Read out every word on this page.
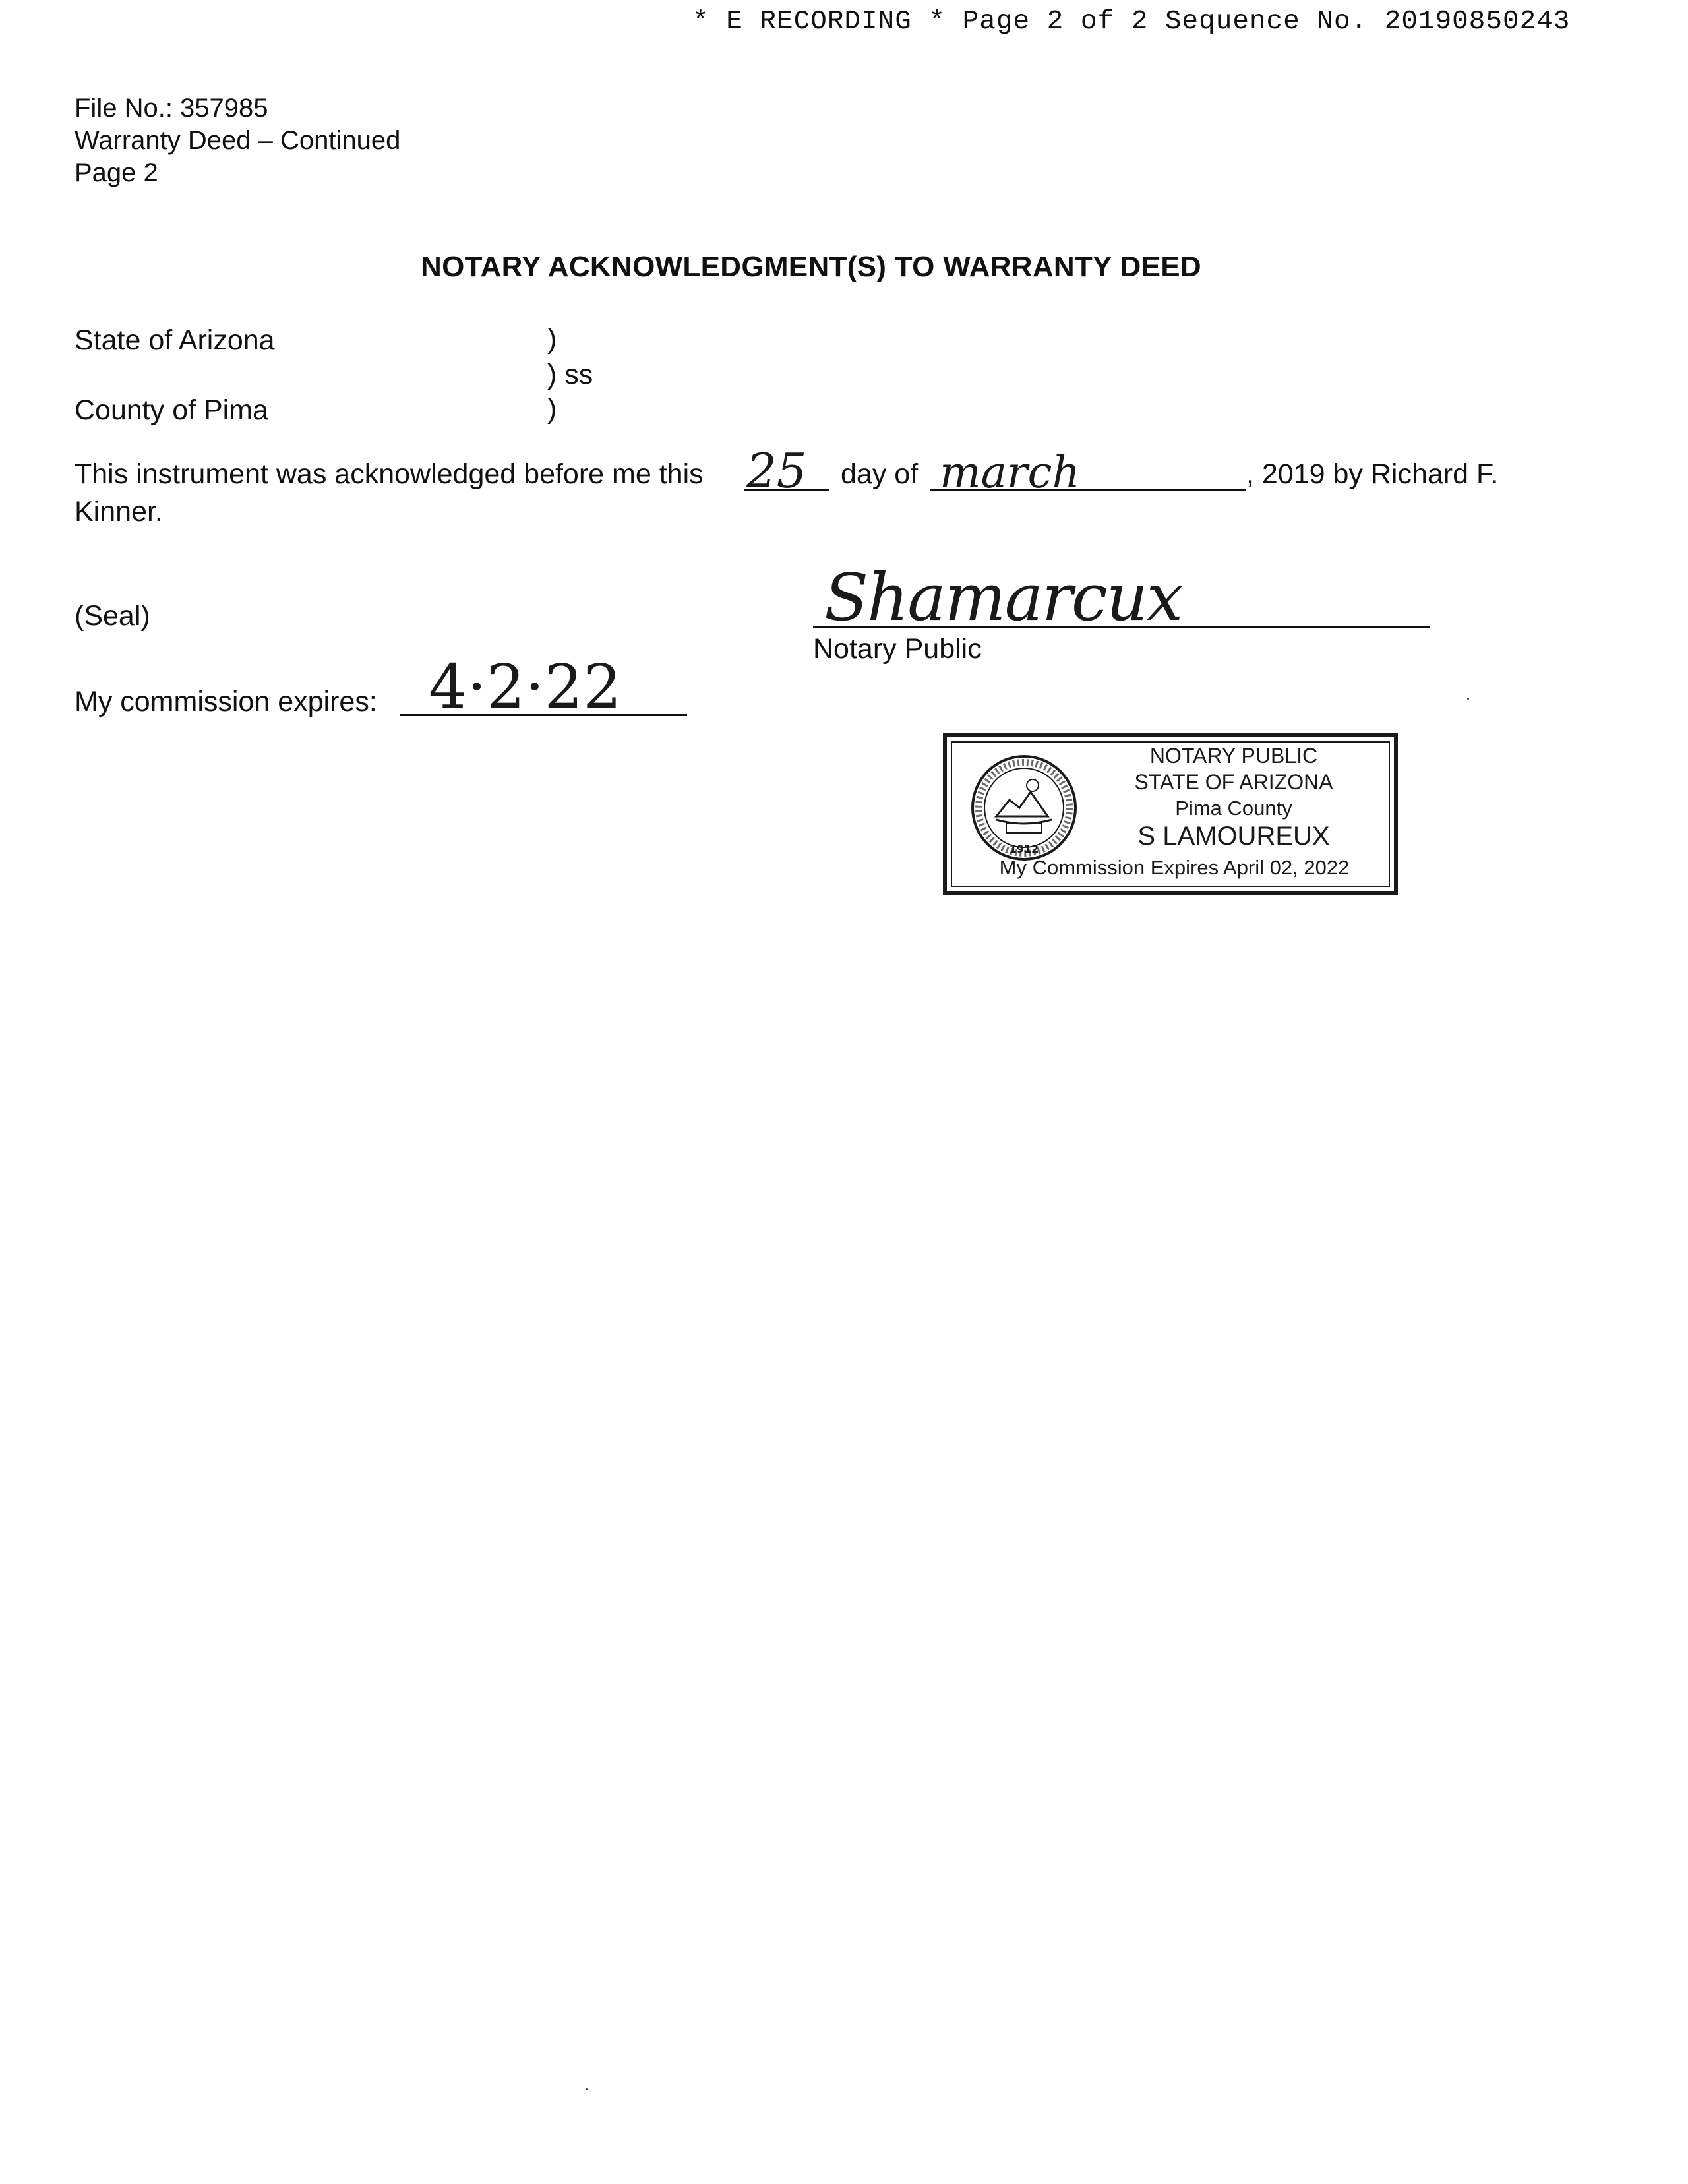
* E RECORDING * Page 2 of 2 Sequence No. 20190850243
File No.: 357985
Warranty Deed – Continued
Page 2
NOTARY ACKNOWLEDGMENT(S) TO WARRANTY DEED
State of Arizona
County of Pima
)
) ss
)
This instrument was acknowledged before me this 25 day of march	, 2019 by Richard F.
Kinner.
(Seal)	Shamarcux
Notary Public
My commission expires: 4·2·22
1912
NOTARY PUBLIC
STATE OF ARIZONA
Pima County
S LAMOUREUX
My Commission Expires April 02, 2022
